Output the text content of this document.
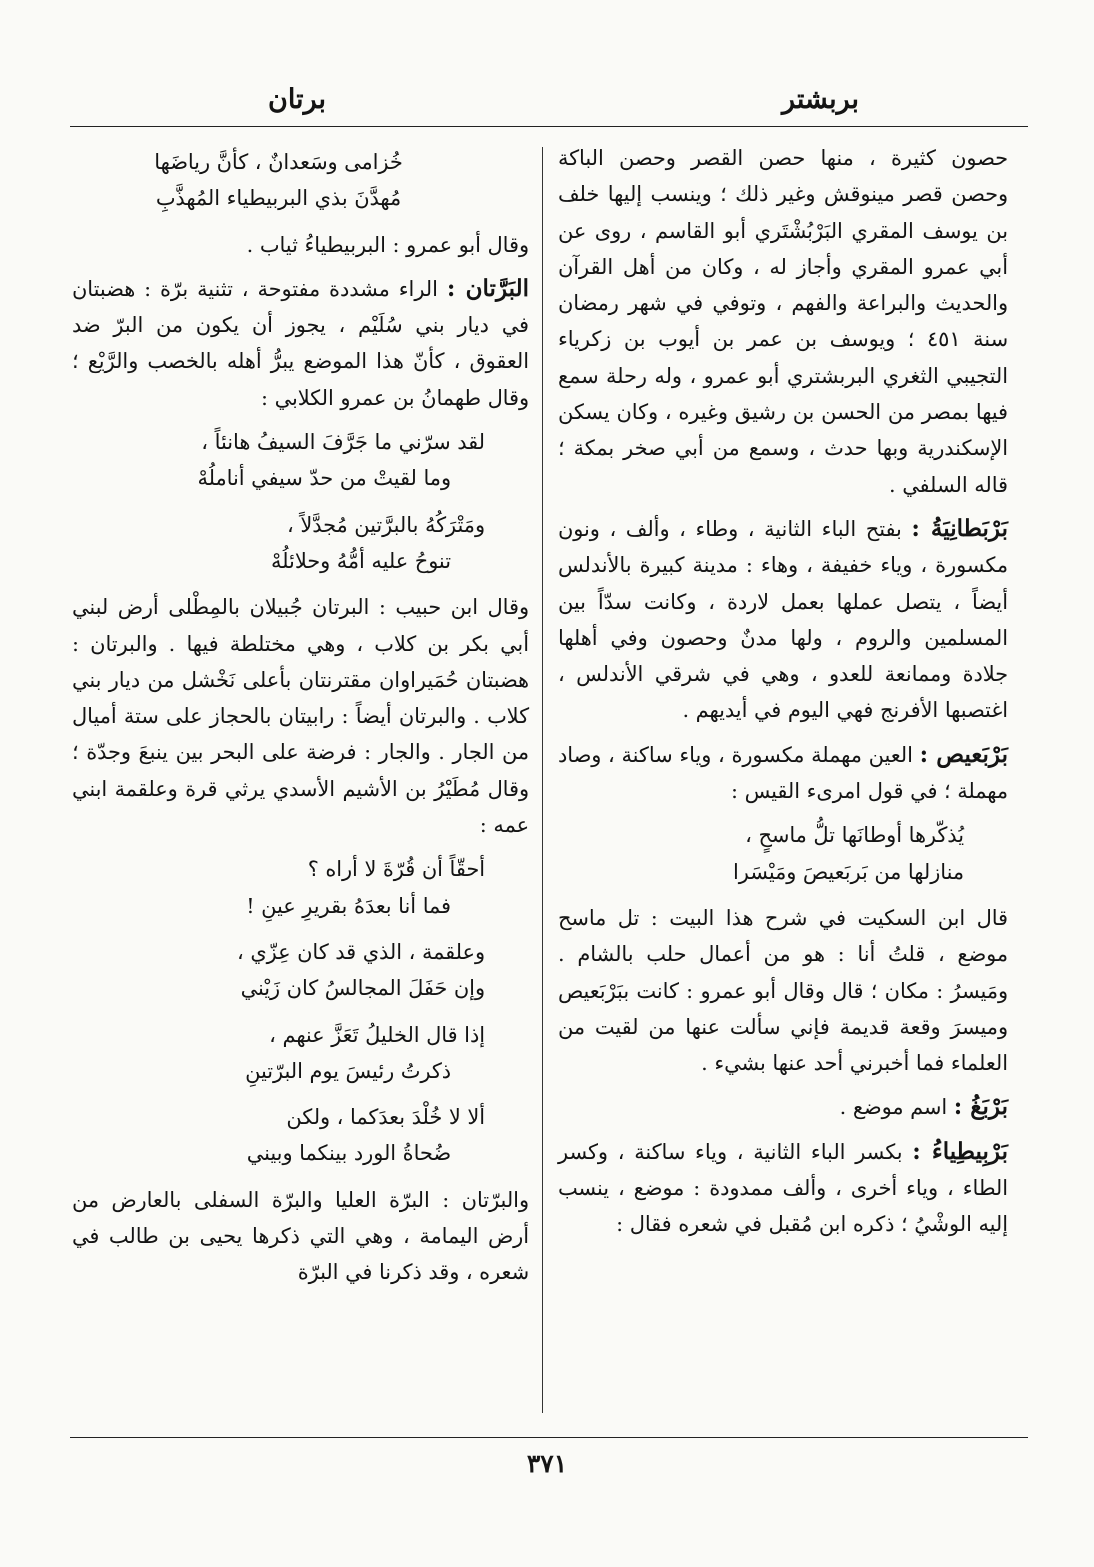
بربشتر
برتان

حصون كثيرة ، منها حصن القصر وحصن الباكة وحصن قصر مينوقش وغير ذلك ؛ وينسب إليها خلف بن يوسف المقري البَرْبُشْتَري أبو القاسم ، روى عن أبي عمرو المقري وأجاز له ، وكان من أهل القرآن والحديث والبراعة والفهم ، وتوفي في شهر رمضان سنة ٤٥١ ؛ ويوسف بن عمر بن أيوب بن زكرياء التجيبي الثغري البربشتري أبو عمرو ، وله رحلة سمع فيها بمصر من الحسن بن رشيق وغيره ، وكان يسكن الإسكندرية وبها حدث ، وسمع من أبي صخر بمكة ؛ قاله السلفي .

بَرْبَطانِيَةُ : بفتح الباء الثانية ، وطاء ، وألف ، ونون مكسورة ، وياء خفيفة ، وهاء : مدينة كبيرة بالأندلس أيضاً ، يتصل عملها بعمل لاردة ، وكانت سدّاً بين المسلمين والروم ، ولها مدنٌ وحصون وفي أهلها جلادة وممانعة للعدو ، وهي في شرقي الأندلس ، اغتصبها الأفرنج فهي اليوم في أيديهم .

بَرْبَعيص : العين مهملة مكسورة ، وياء ساكنة ، وصاد مهملة ؛ في قول امرىء القيس :

يُذكّرها أوطانَها تلُّ ماسحٍ ،
منازلها من بَربَعيصَ ومَيْسَرا

قال ابن السكيت في شرح هذا البيت : تل ماسح موضع ، قلتُ أنا : هو من أعمال حلب بالشام . ومَيسرُ : مكان ؛ قال وقال أبو عمرو : كانت ببَرْبَعيص وميسرَ وقعة قديمة فإني سألت عنها من لقيت من العلماء فما أخبرني أحد عنها بشيء .

بَرْبَغُ : اسم موضع .

بَرْبِيطِياءُ : بكسر الباء الثانية ، وياء ساكنة ، وكسر الطاء ، وياء أخرى ، وألف ممدودة : موضع ، ينسب إليه الوشْيُ ؛ ذكره ابن مُقبل في شعره فقال :

خُزامى وسَعدانٌ ، كأنَّ رياضَها
مُهدَّنَ بذي البربيطياء المُهذَّبِ

وقال أبو عمرو : البربيطياءُ ثياب .

البَرَّتان : الراء مشددة مفتوحة ، تثنية برّة : هضبتان في ديار بني سُلَيْم ، يجوز أن يكون من البرّ ضد العقوق ، كأنّ هذا الموضع يبرُّ أهله بالخصب والرَّيْع ؛ وقال طهمانُ بن عمرو الكلابي :

لقد سرّني ما جَرَّفَ السيفُ هانئاً ،
وما لقيتْ من حدّ سيفي أناملُهْ
ومَتْرَكُهُ بالبرَّتين مُجدَّلاً ،
تنوحُ عليه أمُّهُ وحلائلُهْ

وقال ابن حبيب : البرتان جُبيلان بالمِطْلى أرض لبني أبي بكر بن كلاب ، وهي مختلطة فيها . والبرتان : هضبتان حُمَيراوان مقترنتان بأعلى نَخْشل من ديار بني كلاب . والبرتان أيضاً : رابيتان بالحجاز على ستة أميال من الجار . والجار : فرضة على البحر بين ينبعَ وجدّة ؛ وقال مُطَيْرُ بن الأشيم الأسدي يرثي قرة وعلقمة ابني عمه :

أحقّاً أن قُرّةَ لا أراه ؟
فما أنا بعدَهُ بقريرِ عينِ !
وعلقمة ، الذي قد كان عِزّي ،
وإن حَفَلَ المجالسُ كان زَيْني
إذا قال الخليلُ تَعَزَّ عنهم ،
ذكرتُ رئيسَ يوم البرّتينِ
ألا لا خُلْدَ بعدَكما ، ولكن
ضُحاةُ الورد بينكما وبيني

والبرّتان : البرّة العليا والبرّة السفلى بالعارض من أرض اليمامة ، وهي التي ذكرها يحيى بن طالب في شعره ، وقد ذكرنا في البرّة

٣٧١
